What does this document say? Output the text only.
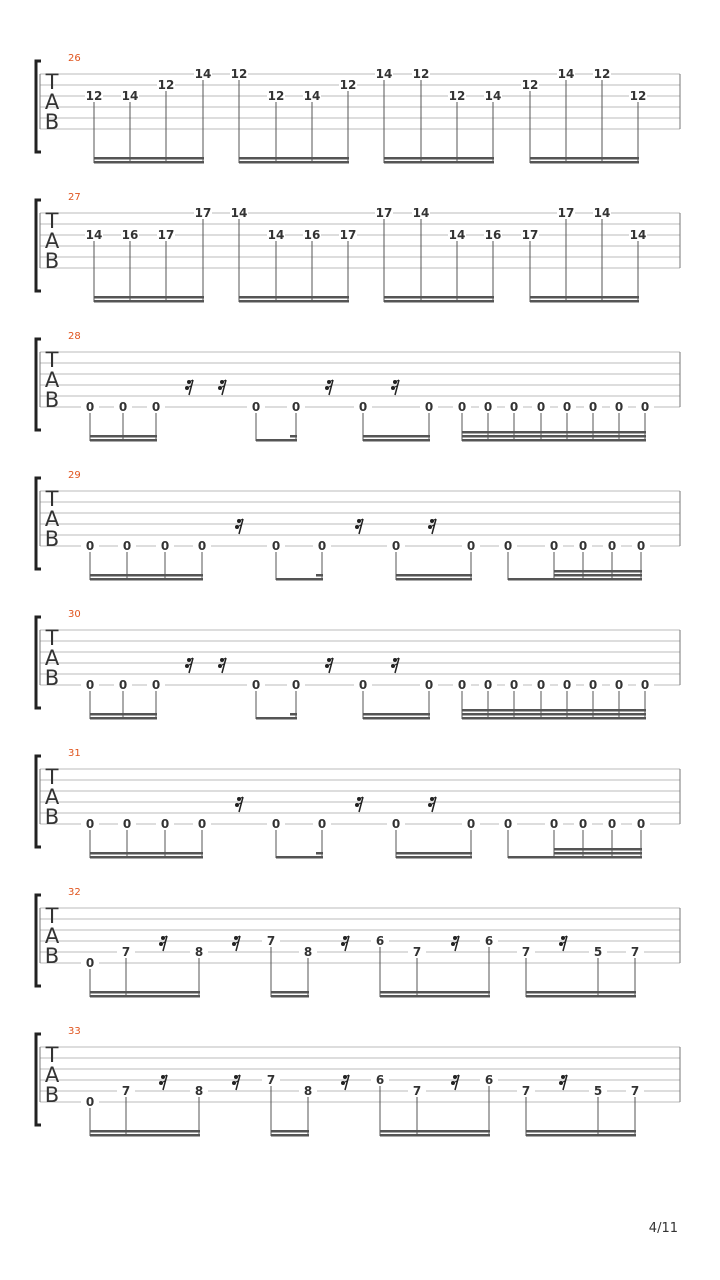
T
A
B
26
12 14
12
14 12
12 14
12
14 12
12 14
12
14 12
12
T
A
B
27
14 16 17
17 14
14 16 17
17 14
14 16 17
17 14
14
T
A
B
28
0 0 0	0	0	0	0 0 0 0 0 0 0 0 0
T
A
B
29
0 0 0 0	0	0	0	0 0	0 0 0 0
T
A
B
30
0 0 0	0	0	0	0 0 0 0 0 0 0 0 0
T
A
B
31
0 0 0 0	0	0	0	0 0	0 0 0 0
T
A
B
32
0
7	8
7
8
6
7
6
7	5 7
T
A
B
33
0
7	8
7
8
6
7
6
7	5 7
4/11
